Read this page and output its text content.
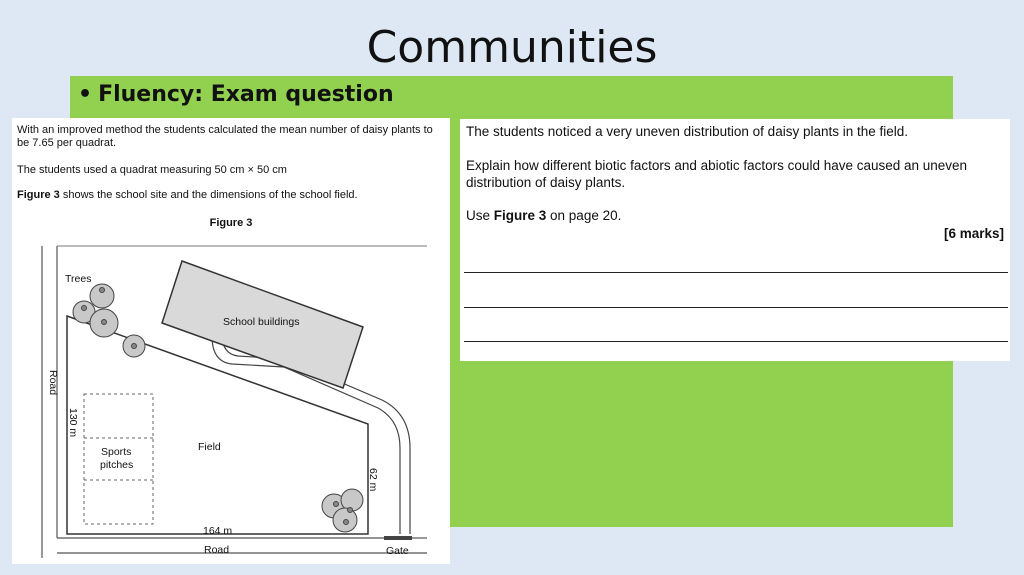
Communities
• Fluency: Exam question
With an improved method the students calculated the mean number of daisy plants to be 7.65 per quadrat.
The students used a quadrat measuring 50 cm × 50 cm
Figure 3 shows the school site and the dimensions of the school field.
Figure 3
Trees
School buildings
Road
130 m
Field
Sports
pitches
62 m
164 m
Road	Gate
The students noticed a very uneven distribution of daisy plants in the field.
Explain how different biotic factors and abiotic factors could have caused an uneven
distribution of daisy plants.
Use Figure 3 on page 20.
[6 marks]
